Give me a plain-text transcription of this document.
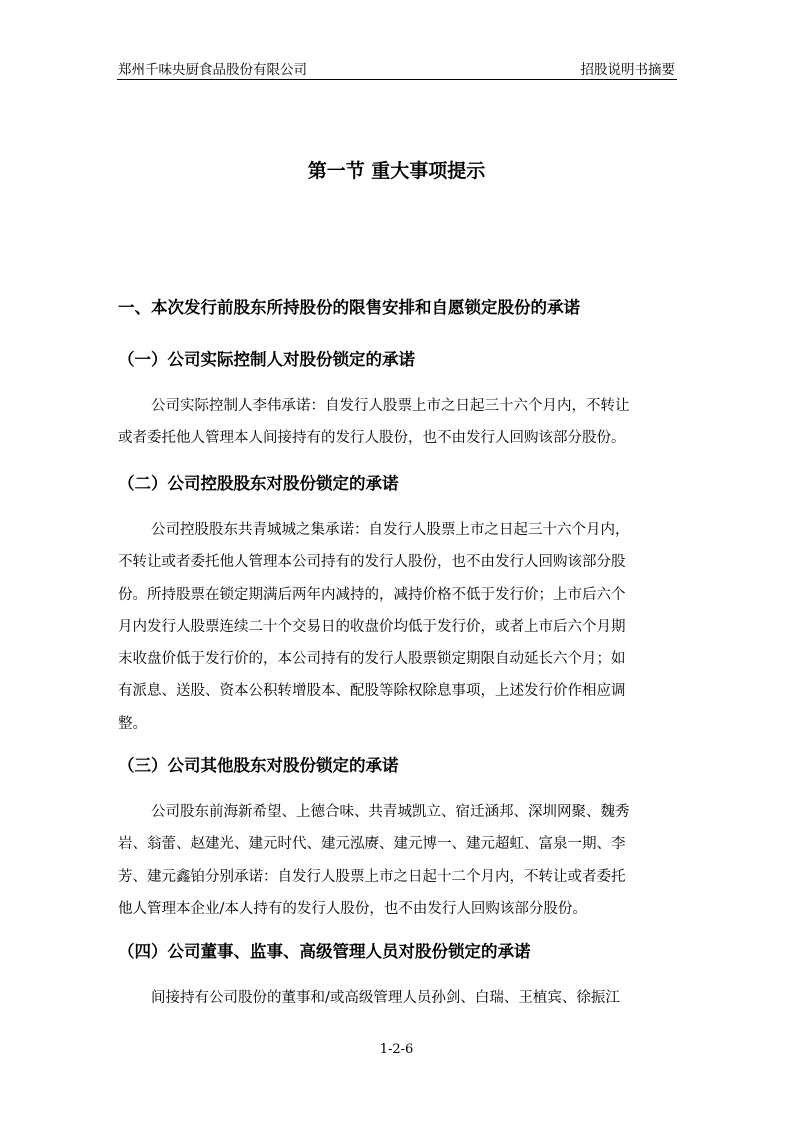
郑州千味央厨食品股份有限公司	招股说明书摘要
第一节 重大事项提示
一、本次发行前股东所持股份的限售安排和自愿锁定股份的承诺
（一）公司实际控制人对股份锁定的承诺
公司实际控制人李伟承诺：自发行人股票上市之日起三十六个月内，不转让
或者委托他人管理本人间接持有的发行人股份，也不由发行人回购该部分股份。
（二）公司控股股东对股份锁定的承诺
公司控股股东共青城城之集承诺：自发行人股票上市之日起三十六个月内，
不转让或者委托他人管理本公司持有的发行人股份，也不由发行人回购该部分股
份。所持股票在锁定期满后两年内减持的，减持价格不低于发行价；上市后六个
月内发行人股票连续二十个交易日的收盘价均低于发行价，或者上市后六个月期
末收盘价低于发行价的，本公司持有的发行人股票锁定期限自动延长六个月；如
有派息、送股、资本公积转增股本、配股等除权除息事项，上述发行价作相应调
整。
（三）公司其他股东对股份锁定的承诺
公司股东前海新希望、上德合味、共青城凯立、宿迁涵邦、深圳网聚、魏秀
岩、翁蕾、赵建光、建元时代、建元泓赓、建元博一、建元超虹、富泉一期、李
芳、建元鑫铂分别承诺：自发行人股票上市之日起十二个月内，不转让或者委托
他人管理本企业/本人持有的发行人股份，也不由发行人回购该部分股份。
（四）公司董事、监事、高级管理人员对股份锁定的承诺
间接持有公司股份的董事和/或高级管理人员孙剑、白瑞、王植宾、徐振江
1-2-6
